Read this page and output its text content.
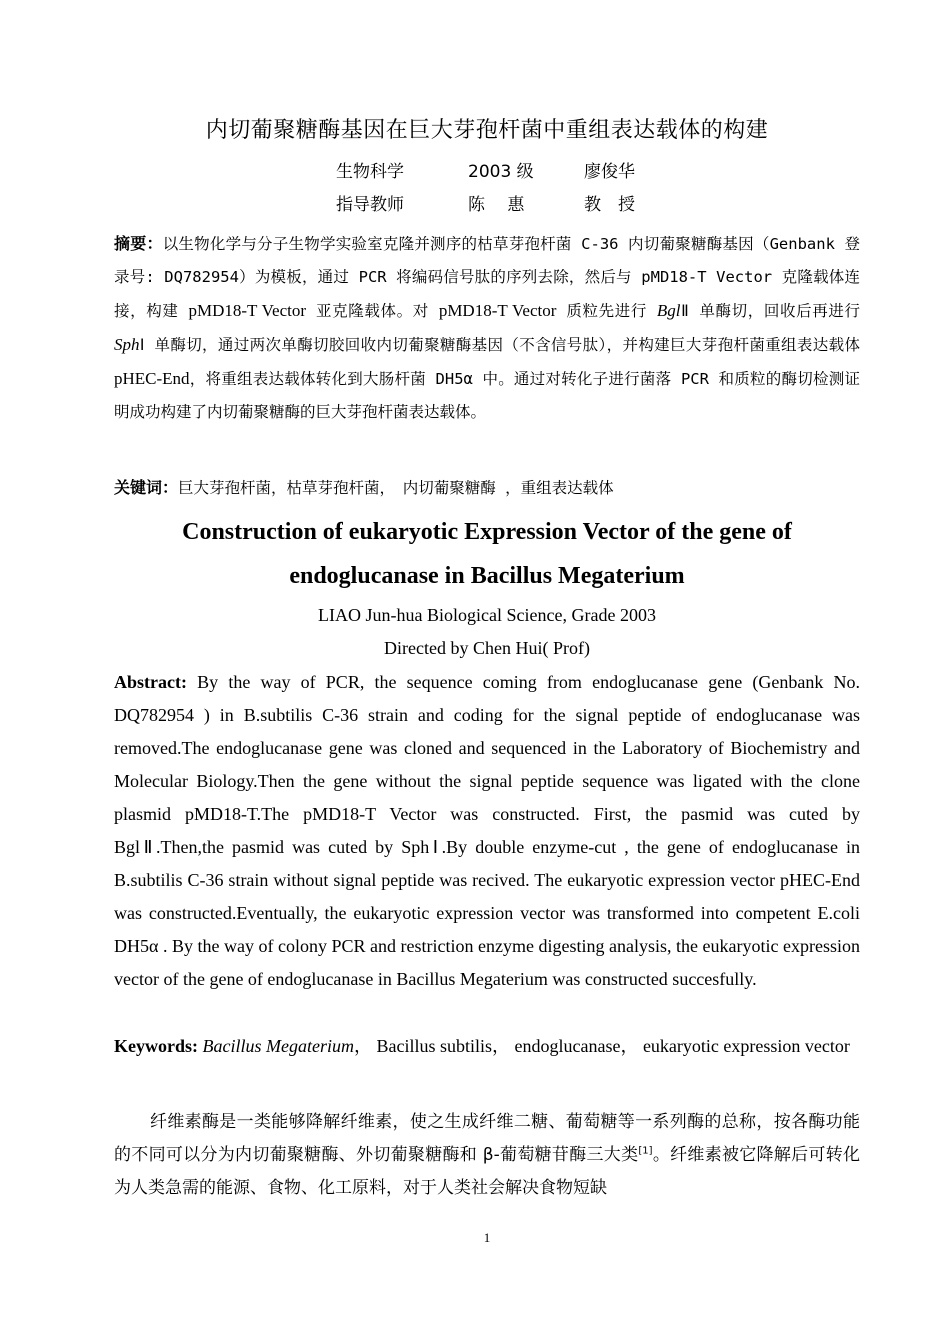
内切葡聚糖酶基因在巨大芽孢杆菌中重组表达载体的构建
生物科学	2003 级	廖俊华
指导教师	陈　 惠	教　授
摘要：以生物化学与分子生物学实验室克隆并测序的枯草芽孢杆菌 C-36 内切葡聚糖酶基因（Genbank 登录号: DQ782954）为模板，通过 PCR 将编码信号肽的序列去除，然后与 pMD18-T Vector 克隆载体连接，构建 pMD18-T Vector 亚克隆载体。对 pMD18-T Vector 质粒先进行 BglⅡ 单酶切，回收后再进行 SphⅠ 单酶切，通过两次单酶切胶回收内切葡聚糖酶基因（不含信号肽），并构建巨大芽孢杆菌重组表达载体 pHEC-End，将重组表达载体转化到大肠杆菌 DH5α 中。通过对转化子进行菌落 PCR 和质粒的酶切检测证明成功构建了内切葡聚糖酶的巨大芽孢杆菌表达载体。
关键词：巨大芽孢杆菌，枯草芽孢杆菌，　内切葡聚糖酶 ，重组表达载体
Construction of eukaryotic Expression Vector of the gene of
endoglucanase in Bacillus Megaterium
LIAO Jun-hua Biological Science, Grade 2003
Directed by Chen Hui( Prof)
Abstract: By the way of PCR, the sequence coming from endoglucanase gene (Genbank No. DQ782954 ) in B.subtilis C-36 strain and coding for the signal peptide of endoglucanase was removed.The endoglucanase gene was cloned and sequenced in the Laboratory of Biochemistry and Molecular Biology.Then the gene without the signal peptide sequence was ligated with the clone plasmid pMD18-T.The pMD18-T Vector was constructed. First, the pasmid was cuted by BglⅡ.Then,the pasmid was cuted by SphⅠ.By double enzyme-cut , the gene of endoglucanase in B.subtilis C-36 strain without signal peptide was recived. The eukaryotic expression vector pHEC-End was constructed.Eventually, the eukaryotic expression vector was transformed into competent E.coli DH5α . By the way of colony PCR and restriction enzyme digesting analysis, the eukaryotic expression vector of the gene of endoglucanase in Bacillus Megaterium was constructed succesfully.
Keywords: Bacillus Megaterium， Bacillus subtilis， endoglucanase， eukaryotic expression vector
纤维素酶是一类能够降解纤维素，使之生成纤维二糖、葡萄糖等一系列酶的总称，按各酶功能的不同可以分为内切葡聚糖酶、外切葡聚糖酶和 β-葡萄糖苷酶三大类[1]。纤维素被它降解后可转化为人类急需的能源、食物、化工原料，对于人类社会解决食物短缺
1
